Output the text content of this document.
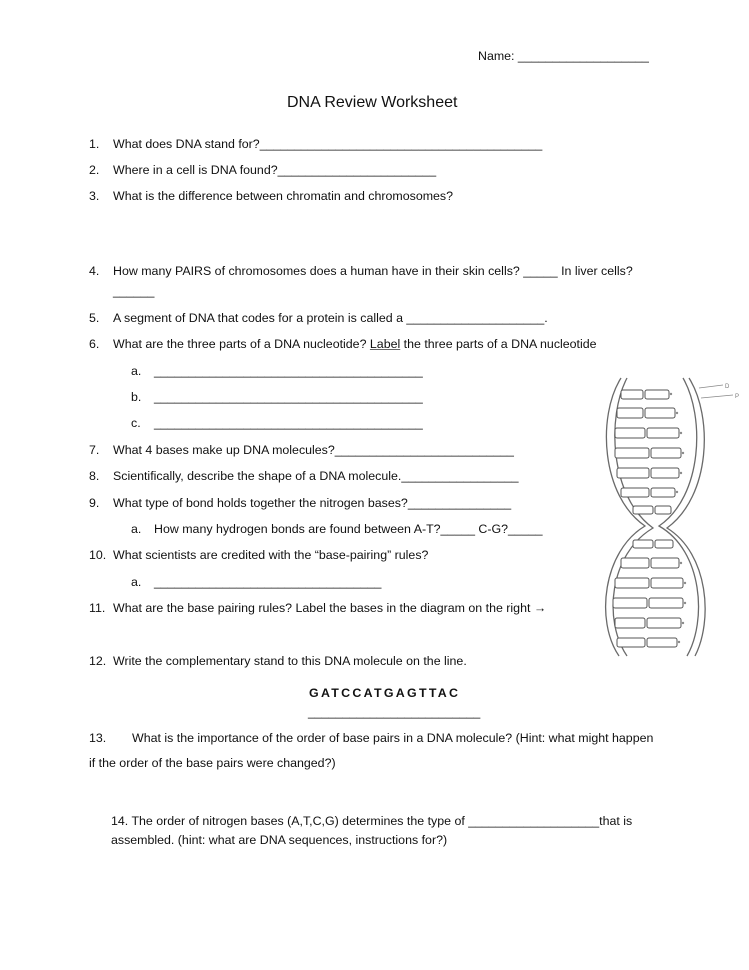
Name: ___________________
DNA Review Worksheet
1.	What does DNA stand for?_________________________________________
2.	Where in a cell is DNA found?_______________________
3.	What is the difference between chromatin and chromosomes?
4.	How many PAIRS of chromosomes does a human have in their skin cells? _____ In liver cells?
______
5.	A segment of DNA that codes for a protein is called a ____________________.
6.	What are the three parts of a DNA nucleotide? Label the three parts of a DNA nucleotide
a. _______________________________________
b. _______________________________________
c. _______________________________________
7.	What 4 bases make up DNA molecules?__________________________
8.	Scientifically, describe the shape of a DNA molecule._________________
9.	What type of bond holds together the nitrogen bases?_______________
a. How many hydrogen bonds are found between A-T?_____ C-G?_____
10. What scientists are credited with the “base-pairing” rules?
a. _________________________________
11. What are the base pairing rules? Label the bases in the diagram on the right →
12. Write the complementary stand to this DNA molecule on the line.
GATCCATGAGTTAC
_________________________
13. What is the importance of the order of base pairs in a DNA molecule? (Hint: what might happen
if the order of the base pairs were changed?)
14. The order of nitrogen bases (A,T,C,G) determines the type of ___________________that is
assembled. (hint: what are DNA sequences, instructions for?)
D
P
